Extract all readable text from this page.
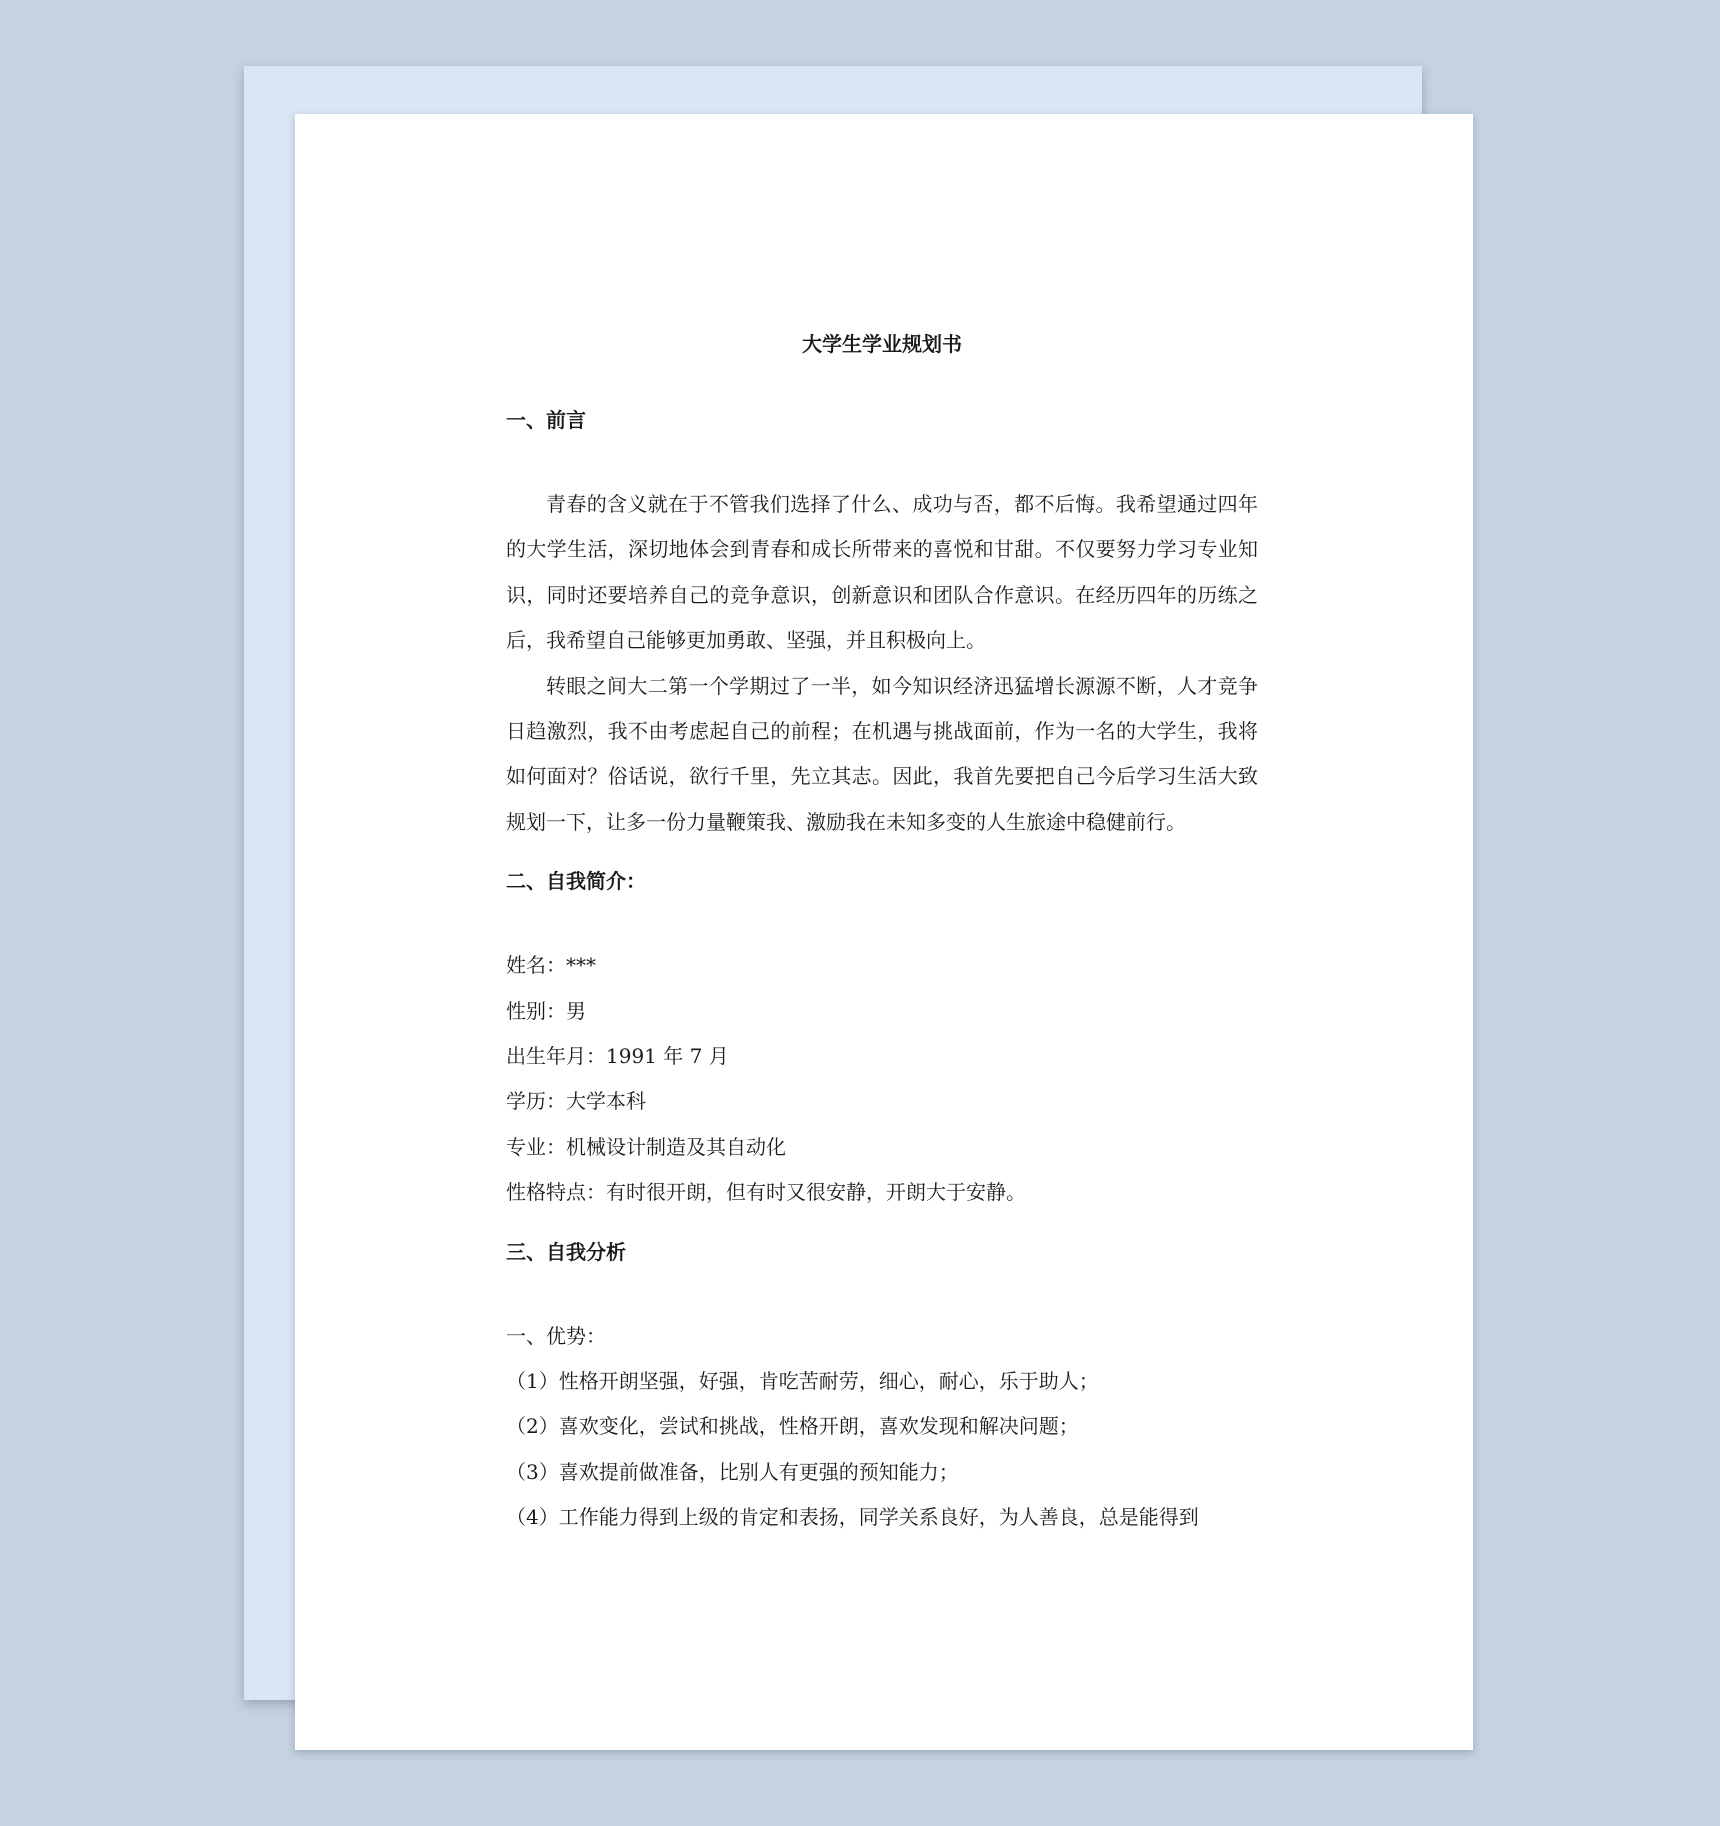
大学生学业规划书
一、前言

青春的含义就在于不管我们选择了什么、成功与否，都不后悔。我希望通过四年的大学生活，深切地体会到青春和成长所带来的喜悦和甘甜。不仅要努力学习专业知识，同时还要培养自己的竞争意识，创新意识和团队合作意识。在经历四年的历练之后，我希望自己能够更加勇敢、坚强，并且积极向上。

转眼之间大二第一个学期过了一半，如今知识经济迅猛增长源源不断，人才竞争日趋激烈，我不由考虑起自己的前程；在机遇与挑战面前，作为一名的大学生，我将如何面对？俗话说，欲行千里，先立其志。因此，我首先要把自己今后学习生活大致规划一下，让多一份力量鞭策我、激励我在未知多变的人生旅途中稳健前行。

二、自我简介：
姓名：***
性别：男
出生年月：1991 年 7 月
学历：大学本科
专业：机械设计制造及其自动化
性格特点：有时很开朗，但有时又很安静，开朗大于安静。
三、自我分析
一、优势：
（1）性格开朗坚强，好强，肯吃苦耐劳，细心，耐心，乐于助人；
（2）喜欢变化，尝试和挑战，性格开朗，喜欢发现和解决问题；
（3）喜欢提前做准备，比别人有更强的预知能力；
（4）工作能力得到上级的肯定和表扬，同学关系良好，为人善良，总是能得到
